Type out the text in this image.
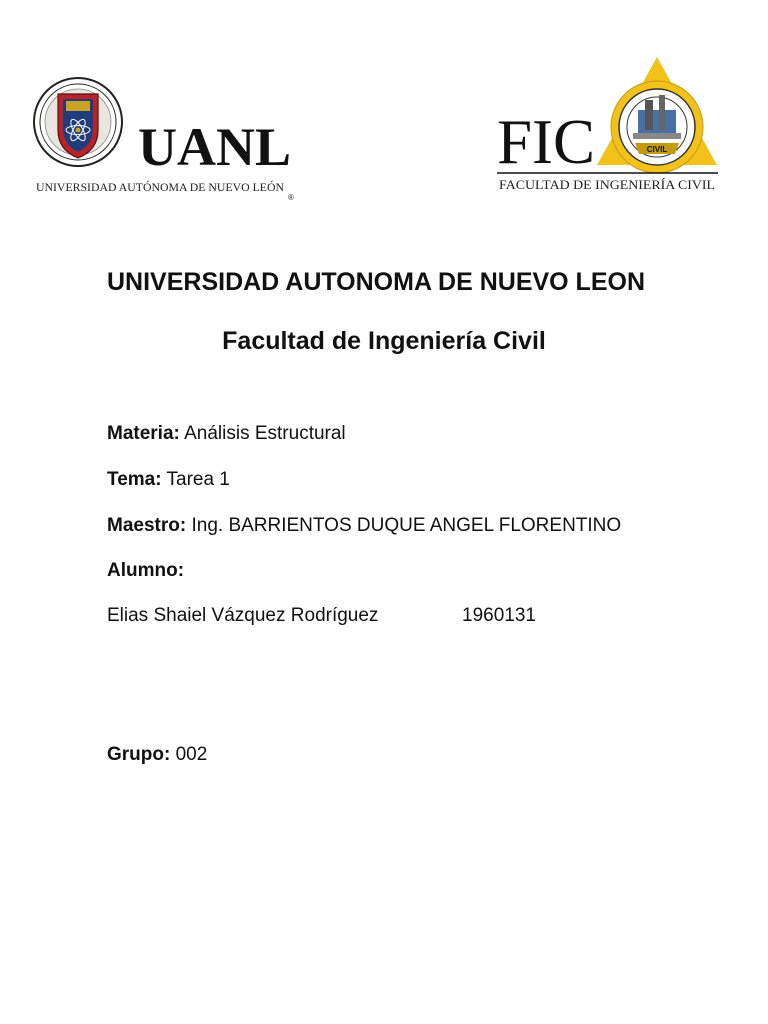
UANL
UNIVERSIDAD AUTÓNOMA DE NUEVO LEÓN
®
FIC	CIVIL
FACULTAD DE INGENIERÍA CIVIL
UNIVERSIDAD AUTONOMA DE NUEVO LEON
Facultad de Ingeniería Civil
Materia: Análisis Estructural
Tema: Tarea 1
Maestro: Ing. BARRIENTOS DUQUE ANGEL FLORENTINO
Alumno:
Elias Shaiel Vázquez Rodríguez	1960131
Grupo: 002
